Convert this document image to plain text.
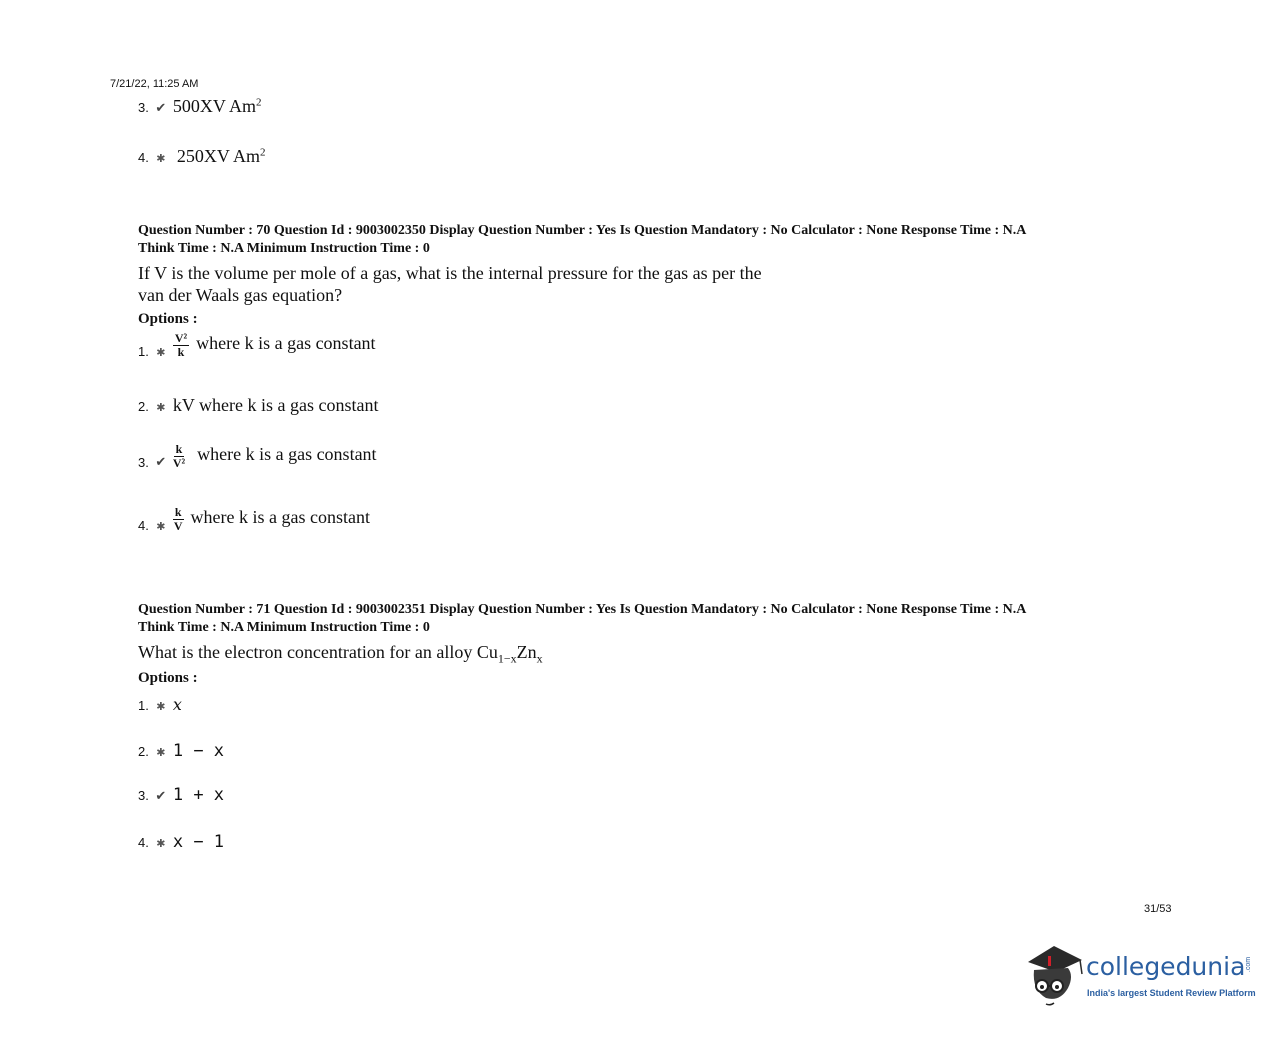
7/21/22, 11:25 AM
3. ✔ 500XV Am$^2$
4. ✱ 250XV Am$^2$
Question Number : 70 Question Id : 9003002350 Display Question Number : Yes Is Question Mandatory : No Calculator : None Response Time : N.A
Think Time : N.A Minimum Instruction Time : 0
If V is the volume per mole of a gas, what is the internal pressure for the gas as per the
van der Waals gas equation?
Options :
1. ✱ $\frac{\text{V²}}{k}$ where k is a gas constant
2. ✱ kV where k is a gas constant
3. ✔ $\frac{k}{\text{V²}}$ where k is a gas constant
4. ✱ $\frac{k}{V}$ where k is a gas constant
Question Number : 71 Question Id : 9003002351 Display Question Number : Yes Is Question Mandatory : No Calculator : None Response Time : N.A
Think Time : N.A Minimum Instruction Time : 0
What is the electron concentration for an alloy $Cu_{1-x}Zn_x$
Options :
1. ✱ x
2. ✱ 1 − x
3. ✔ 1 + x
4. ✱ x − 1
31/53
collegedunia .com
India's largest Student Review Platform
